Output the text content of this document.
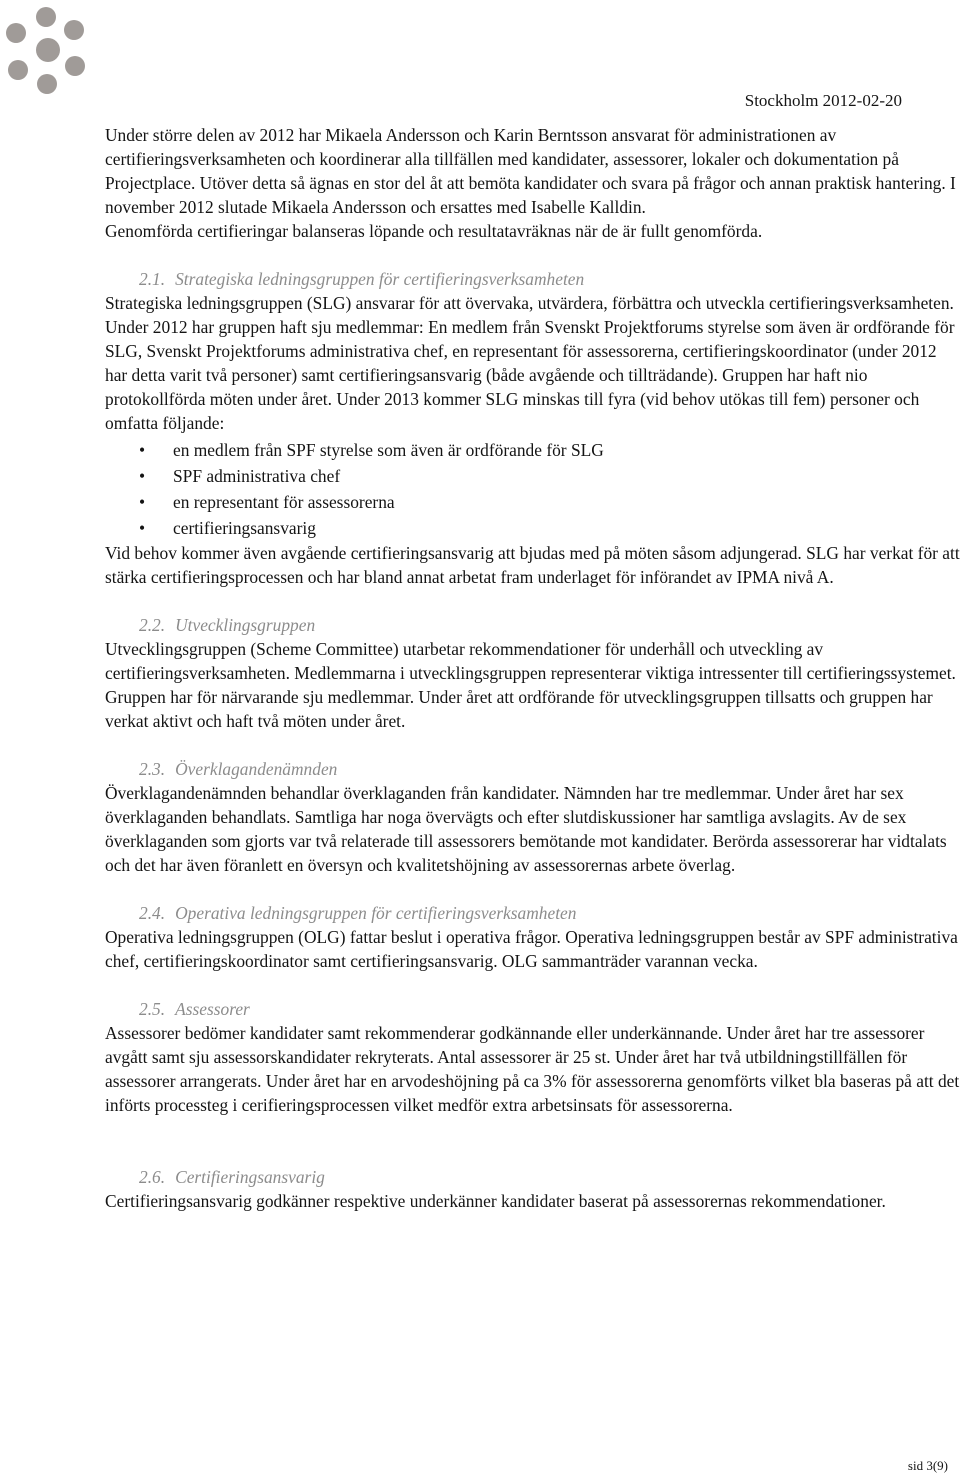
Stockholm 2012-02-20

Under större delen av 2012 har Mikaela Andersson och Karin Berntsson ansvarat för administrationen av certifieringsverksamheten och koordinerar alla tillfällen med kandidater, assessorer, lokaler och dokumentation på Projectplace. Utöver detta så ägnas en stor del åt att bemöta kandidater och svara på frågor och annan praktisk hantering. I november 2012 slutade Mikaela Andersson och ersattes med Isabelle Kalldin.

Genomförda certifieringar balanseras löpande och resultatavräknas när de är fullt genomförda.

2.1. Strategiska ledningsgruppen för certifieringsverksamheten

Strategiska ledningsgruppen (SLG) ansvarar för att övervaka, utvärdera, förbättra och utveckla certifieringsverksamheten. Under 2012 har gruppen haft sju medlemmar: En medlem från Svenskt Projektforums styrelse som även är ordförande för SLG, Svenskt Projektforums administrativa chef, en representant för assessorerna, certifieringskoordinator (under 2012 har detta varit två personer) samt certifieringsansvarig (både avgående och tillträdande). Gruppen har haft nio protokollförda möten under året. Under 2013 kommer SLG minskas till fyra (vid behov utökas till fem) personer och omfatta följande:

• en medlem från SPF styrelse som även är ordförande för SLG
• SPF administrativa chef
• en representant för assessorerna
• certifieringsansvarig

Vid behov kommer även avgående certifieringsansvarig att bjudas med på möten såsom adjungerad. SLG har verkat för att stärka certifieringsprocessen och har bland annat arbetat fram underlaget för införandet av IPMA nivå A.

2.2. Utvecklingsgruppen

Utvecklingsgruppen (Scheme Committee) utarbetar rekommendationer för underhåll och utveckling av certifieringsverksamheten. Medlemmarna i utvecklingsgruppen representerar viktiga intressenter till certifieringssystemet. Gruppen har för närvarande sju medlemmar. Under året att ordförande för utvecklingsgruppen tillsatts och gruppen har verkat aktivt och haft två möten under året.

2.3. Överklagandenämnden

Överklagandenämnden behandlar överklaganden från kandidater. Nämnden har tre medlemmar. Under året har sex överklaganden behandlats. Samtliga har noga övervägts och efter slutdiskussioner har samtliga avslagits. Av de sex överklaganden som gjorts var två relaterade till assessorers bemötande mot kandidater. Berörda assessorerar har vidtalats och det har även föranlett en översyn och kvalitetshöjning av assessorernas arbete överlag.

2.4. Operativa ledningsgruppen för certifieringsverksamheten

Operativa ledningsgruppen (OLG) fattar beslut i operativa frågor. Operativa ledningsgruppen består av SPF administrativa chef, certifieringskoordinator samt certifieringsansvarig. OLG sammanträder varannan vecka.

2.5. Assessorer

Assessorer bedömer kandidater samt rekommenderar godkännande eller underkännande. Under året har tre assessorer avgått samt sju assessorskandidater rekryterats. Antal assessorer är 25 st. Under året har två utbildningstillfällen för assessorer arrangerats. Under året har en arvodeshöjning på ca 3% för assessorerna genomförts vilket bla baseras på att det införts processteg i cerifieringsprocessen vilket medför extra arbetsinsats för assessorerna.

2.6. Certifieringsansvarig

Certifieringsansvarig godkänner respektive underkänner kandidater baserat på assessorernas rekommendationer.

sid 3(9)
